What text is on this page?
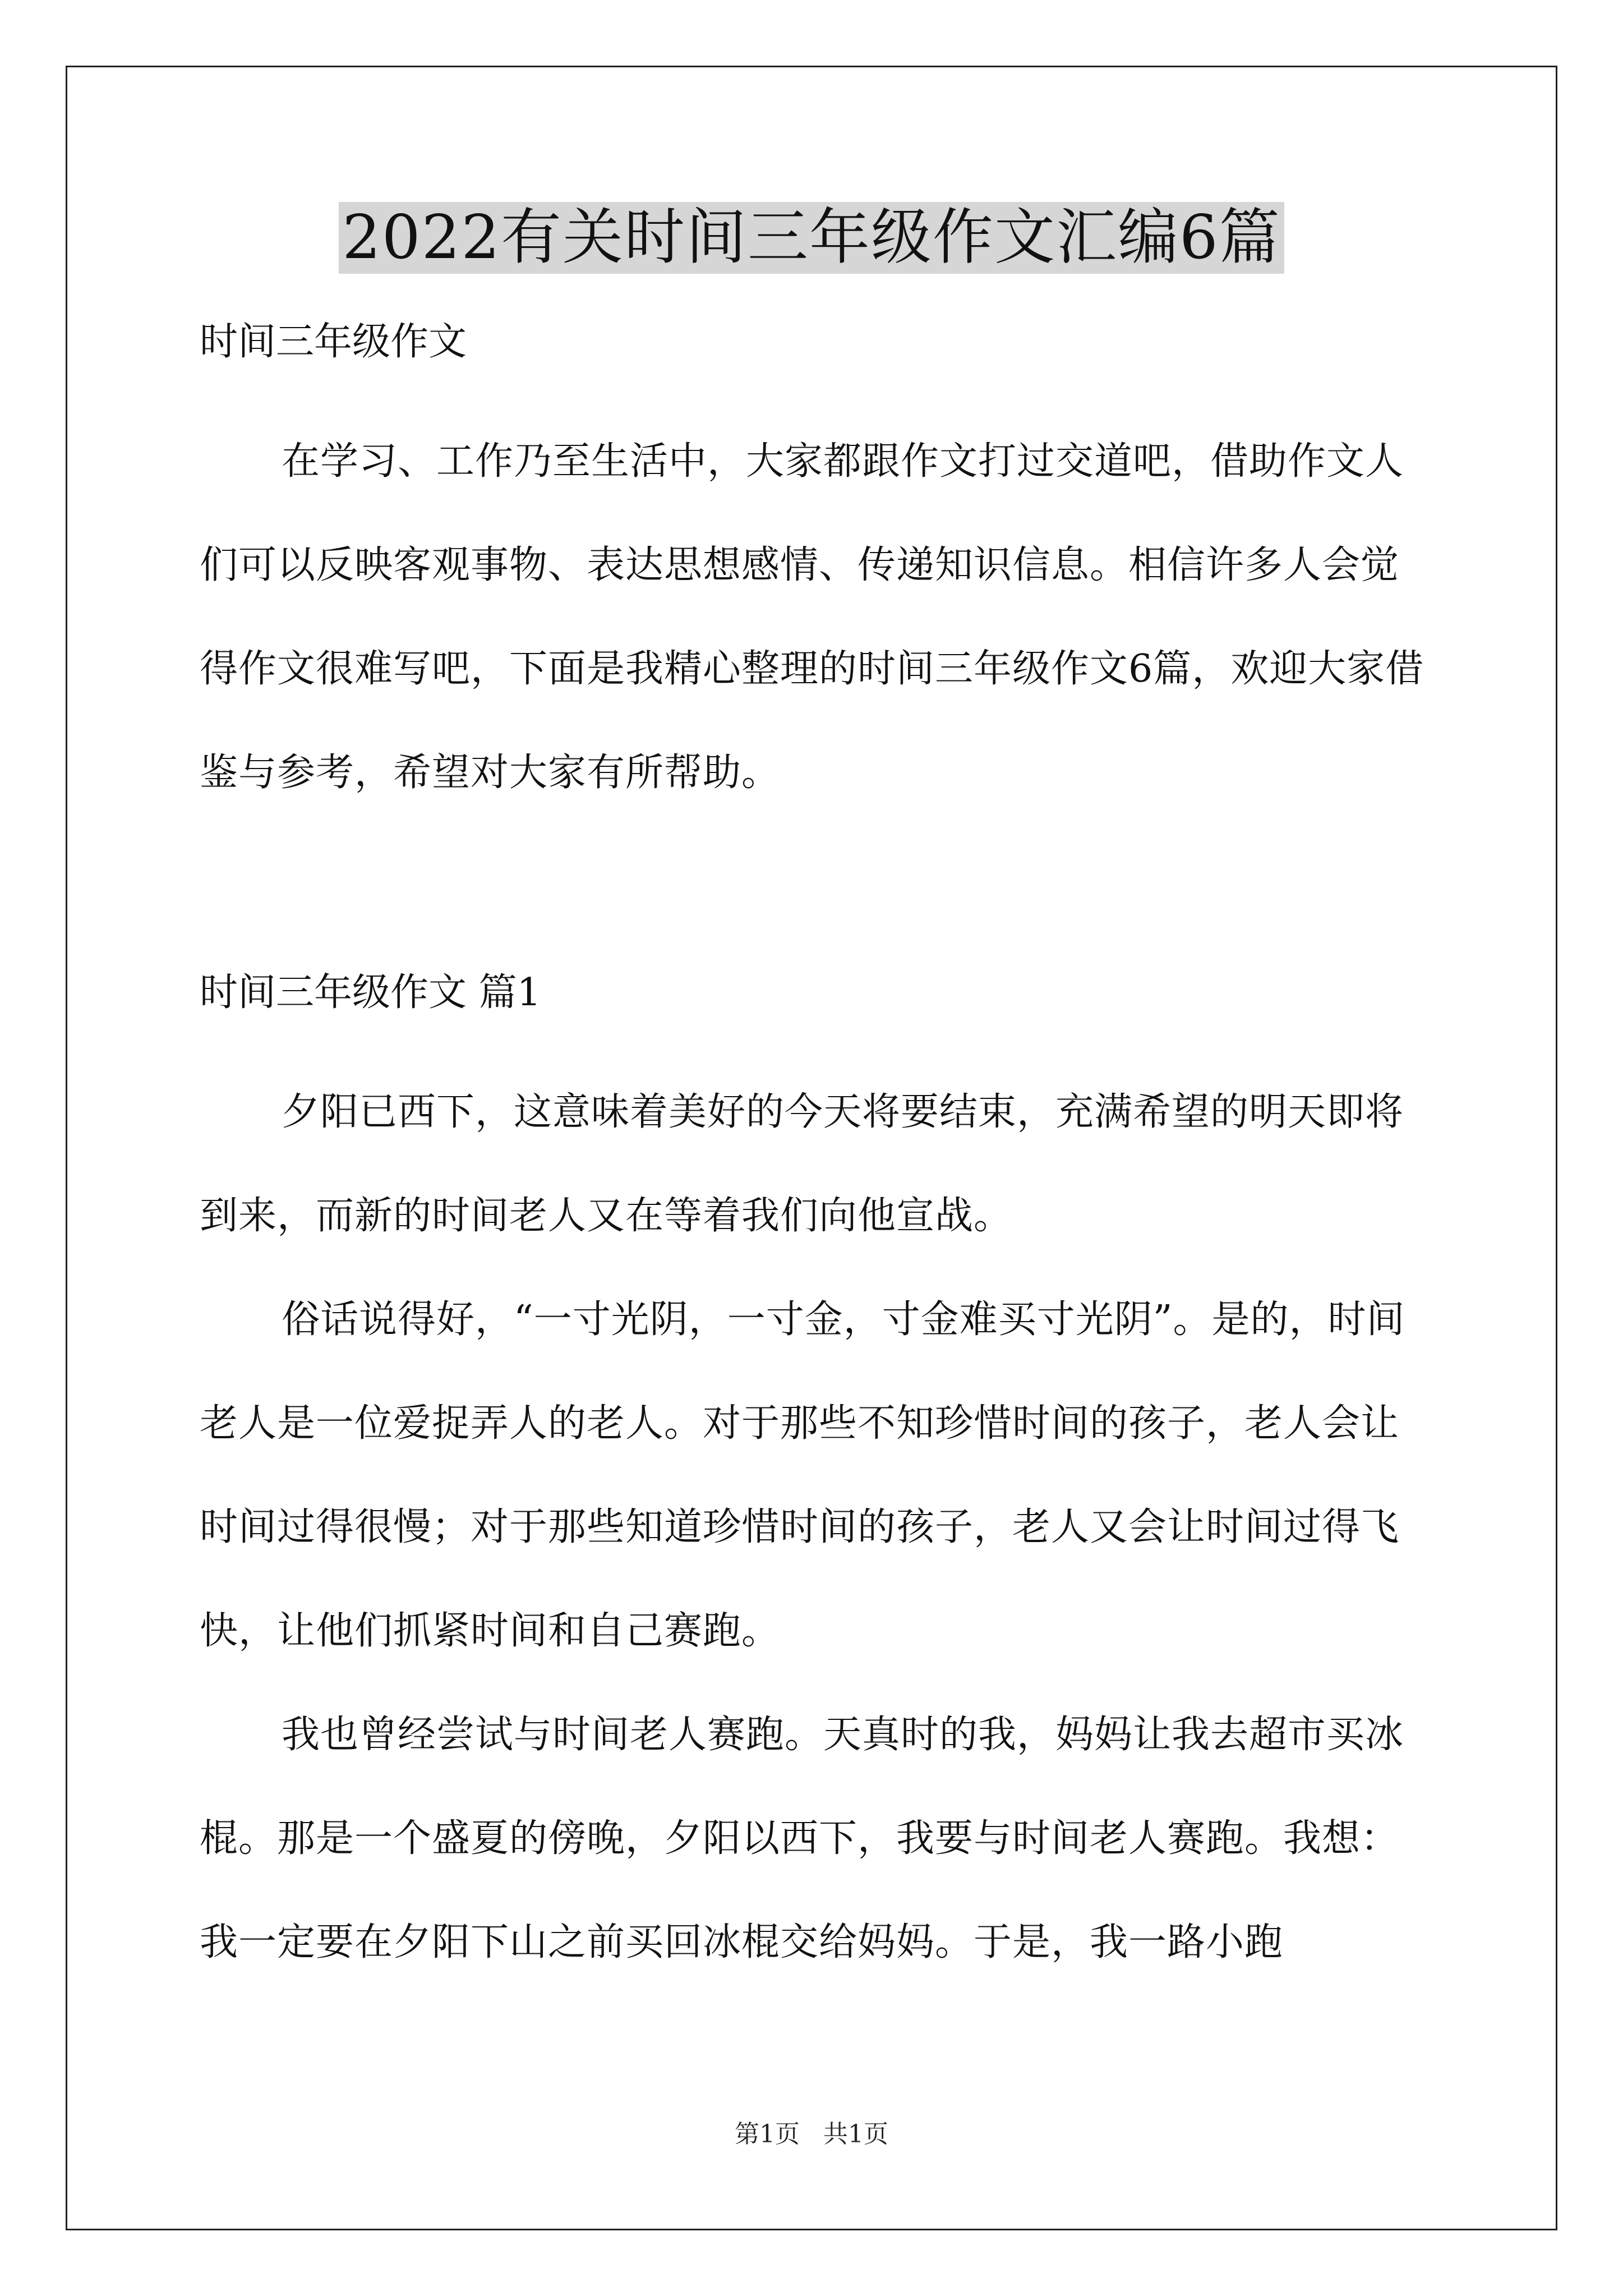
2022有关时间三年级作文汇编6篇

时间三年级作文

在学习、工作乃至生活中，大家都跟作文打过交道吧，借助作文人们可以反映客观事物、表达思想感情、传递知识信息。相信许多人会觉得作文很难写吧，下面是我精心整理的时间三年级作文6篇，欢迎大家借鉴与参考，希望对大家有所帮助。

时间三年级作文 篇1

夕阳已西下，这意味着美好的今天将要结束，充满希望的明天即将到来，而新的时间老人又在等着我们向他宣战。

俗话说得好，“一寸光阴，一寸金，寸金难买寸光阴”。是的，时间老人是一位爱捉弄人的老人。对于那些不知珍惜时间的孩子，老人会让时间过得很慢；对于那些知道珍惜时间的孩子，老人又会让时间过得飞快，让他们抓紧时间和自己赛跑。

我也曾经尝试与时间老人赛跑。天真时的我，妈妈让我去超市买冰棍。那是一个盛夏的傍晚，夕阳以西下，我要与时间老人赛跑。我想：我一定要在夕阳下山之前买回冰棍交给妈妈。于是，我一路小跑

第1页   共1页
